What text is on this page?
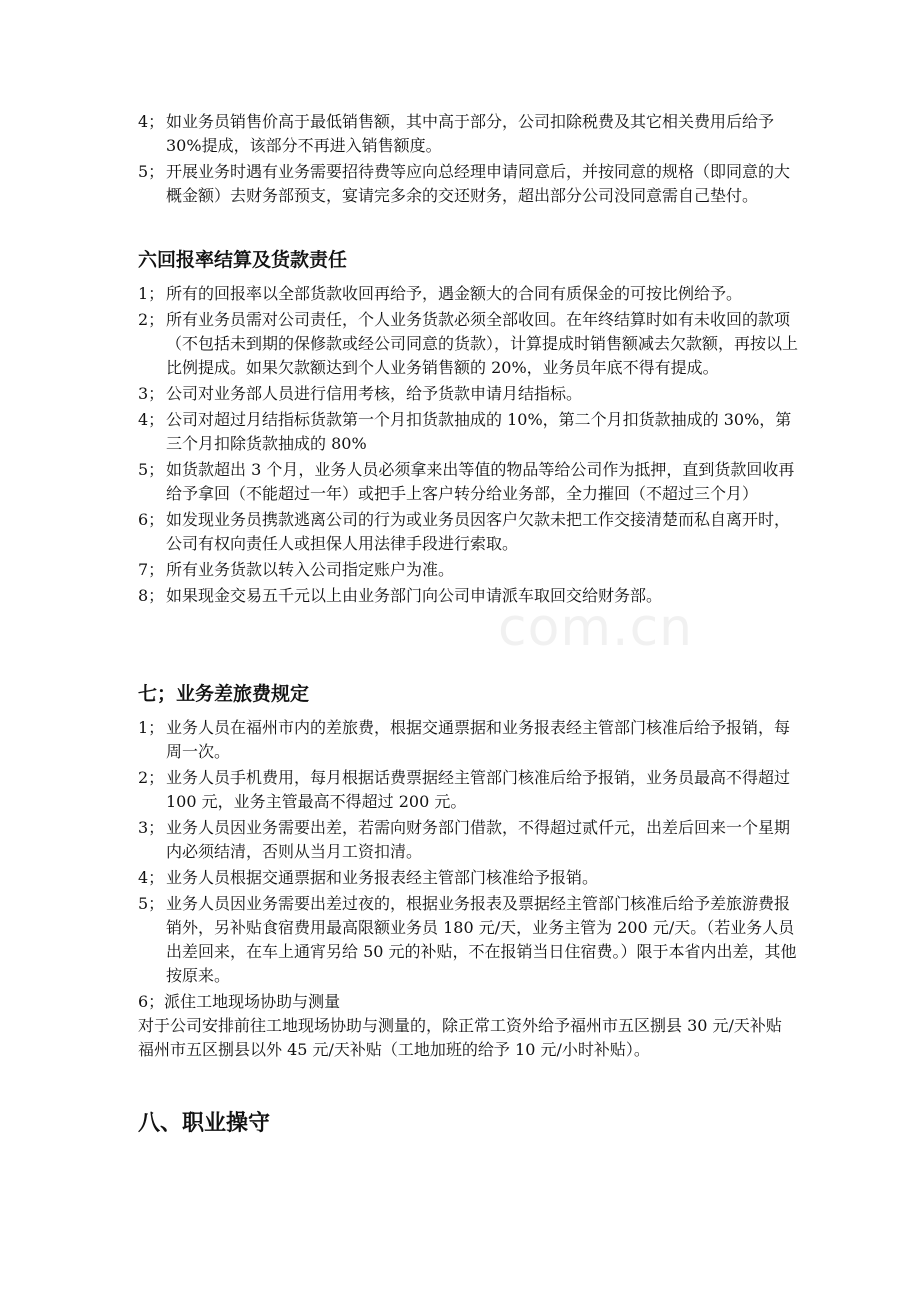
com.cn
4； 如业务员销售价高于最低销售额，其中高于部分，公司扣除税费及其它相关费用后给予 30%提成，该部分不再进入销售额度。
5； 开展业务时遇有业务需要招待费等应向总经理申请同意后，并按同意的规格（即同意的大概金额）去财务部预支，宴请完多余的交还财务，超出部分公司没同意需自己垫付。
六回报率结算及货款责任
1； 所有的回报率以全部货款收回再给予，遇金额大的合同有质保金的可按比例给予。
2； 所有业务员需对公司责任，个人业务货款必须全部收回。在年终结算时如有未收回的款项（不包括未到期的保修款或经公司同意的货款），计算提成时销售额减去欠款额，再按以上比例提成。如果欠款额达到个人业务销售额的 20%，业务员年底不得有提成。
3； 公司对业务部人员进行信用考核，给予货款申请月结指标。
4； 公司对超过月结指标货款第一个月扣货款抽成的 10%，第二个月扣货款抽成的 30%，第三个月扣除货款抽成的 80%
5； 如货款超出 3 个月，业务人员必须拿来出等值的物品等给公司作为抵押，直到货款回收再给予拿回（不能超过一年）或把手上客户转分给业务部，全力摧回（不超过三个月）
6； 如发现业务员携款逃离公司的行为或业务员因客户欠款未把工作交接清楚而私自离开时，公司有权向责任人或担保人用法律手段进行索取。
7； 所有业务货款以转入公司指定账户为准。
8； 如果现金交易五千元以上由业务部门向公司申请派车取回交给财务部。
七；业务差旅费规定
1； 业务人员在福州市内的差旅费，根据交通票据和业务报表经主管部门核准后给予报销，每周一次。
2； 业务人员手机费用，每月根据话费票据经主管部门核准后给予报销，业务员最高不得超过 100 元，业务主管最高不得超过 200 元。
3； 业务人员因业务需要出差，若需向财务部门借款，不得超过贰仟元，出差后回来一个星期内必须结清，否则从当月工资扣清。
4； 业务人员根据交通票据和业务报表经主管部门核准给予报销。
5； 业务人员因业务需要出差过夜的，根据业务报表及票据经主管部门核准后给予差旅游费报销外，另补贴食宿费用最高限额业务员 180 元/天，业务主管为 200 元/天。（若业务人员出差回来，在车上通宵另给 50 元的补贴，不在报销当日住宿费。）限于本省内出差，其他按原来。

6；派住工地现场协助与测量

对于公司安排前往工地现场协助与测量的，除正常工资外给予福州市五区捌县 30 元/天补贴

福州市五区捌县以外 45 元/天补贴（工地加班的给予 10 元/小时补贴）。

八、职业操守
